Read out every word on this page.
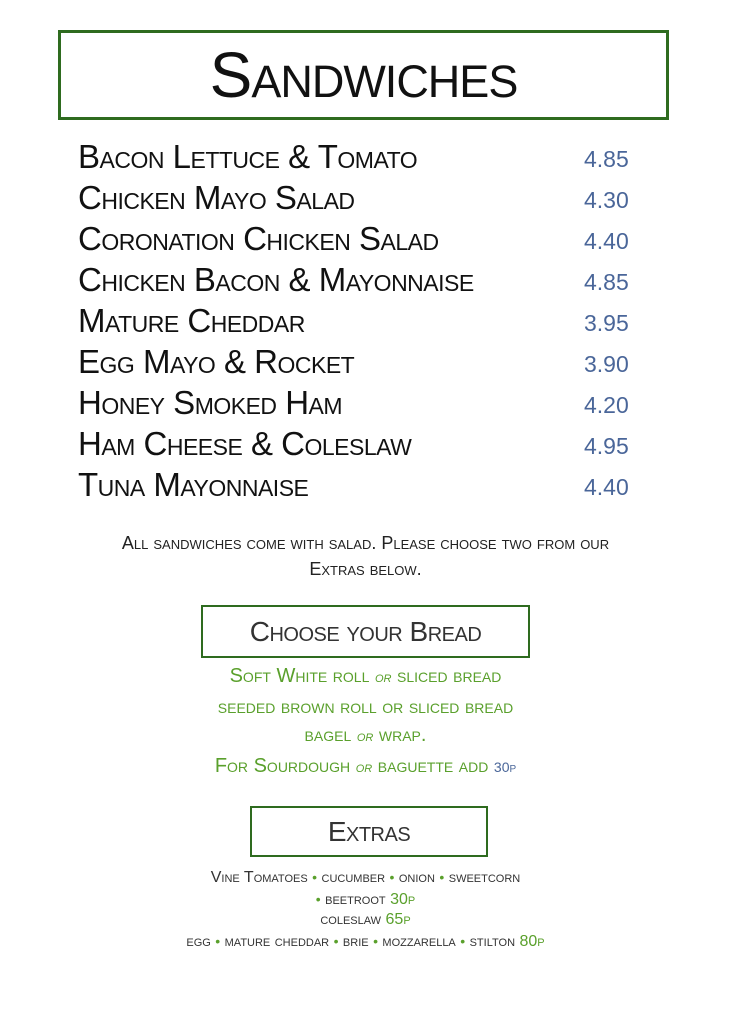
Sandwiches
Bacon Lettuce & Tomato	4.85
Chicken Mayo Salad	4.30
Coronation Chicken Salad	4.40
Chicken Bacon & Mayonnaise	4.85
Mature Cheddar	3.95
Egg Mayo & Rocket	3.90
Honey Smoked Ham	4.20
Ham Cheese & Coleslaw	4.95
Tuna Mayonnaise	4.40
All sandwiches come with salad. Please choose two from our
Extras below.
Choose your Bread
Soft White roll or sliced bread
seeded brown roll or sliced bread
bagel or wrap.
For Sourdough or baguette add 30p
Extras
Vine Tomatoes • cucumber • onion • sweetcorn
• beetroot 30p
coleslaw 65p
egg • mature cheddar • brie • mozzarella • stilton 80p
